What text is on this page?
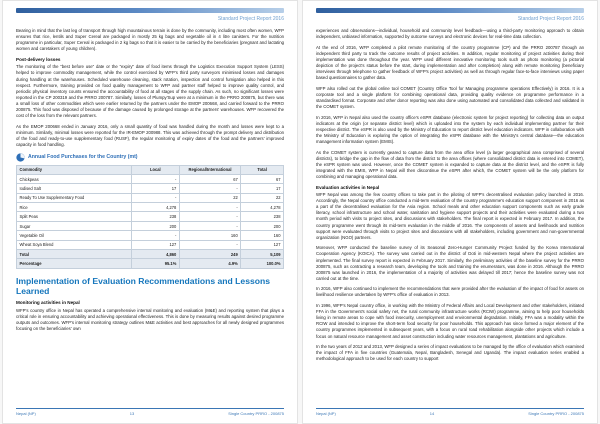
Standard Project Report 2016

Bearing in mind that the last leg of transport through high mountainous terrain is done by the community, including most often women, WFP ensures that rice, lentils and Super Cereal are packaged in mostly 25 kg bags and vegetable oil in 4 litre canisters. For the nutrition programme in particular, Super Cereal is packaged in 2 kg bags so that it is easier to be carried by the beneficiaries (pregnant and lactating women and caretakers of young children).

Post-delivery losses

The monitoring of the “best before use” date or the “expiry” date of food items through the Logistics Execution Support System (LESS) helped to improve commodity management, while the control exercised by WFP's third party surveyors minimised losses and damages during handling at the warehouses. Scheduled warehouse cleaning, stack rotation, inspection and control fumigation also helped in this respect. Furthermore, training provided on food quality management to WFP and partner staff helped to improve quality control, and periodic physical inventory counts ensured the accountability of food at all stages of the supply chain. As such, no significant losses were reported in the CP 200319 and the PRRO 200787. Similarly, losses of Plumpy'Sup were at a minimum in the PRRO 200875, but there was a small loss of other commodities which were earlier returned by the partners under the EMOP 200668, and carried forward to the PRRO 200875. This food was disposed of because of the damage caused by prolonged storage at the partners' warehouses. WFP recovered the cost of the loss from the relevant partners.

As the EMOP 200668 ended in January 2016, only a small quantity of food was handled during the month and losses were kept to a minimum. Similarly, minimal losses were reported for the IR-EMOP 200988. This was achieved through the prompt delivery and distribution of the food and ready-to-use supplementary food (RUSF), the regular monitoring of expiry dates of the food and the partners' improved capacity in food handling.

Annual Food Purchases for the Country (mt)
Commodity	Local	Regional/International	Total
Chickpeas	-	67	67
Iodised Salt	17	-	17
Ready To Use Supplementary Food	-	22	22
Rice	4,278	-	4,278
Split Peas	238	-	238
Sugar	200	-	200
Vegetable Oil	-	160	160
Wheat Soya Blend	127	-	127
Total	4,860	249	5,109
Percentage	95.1%	4.9%	100.0%
Implementation of Evaluation Recommendations and Lessons Learned
Monitoring activities in Nepal

WFP's country office in Nepal has operated a comprehensive internal monitoring and evaluation (M&E) and reporting system that plays a critical role in ensuring accountability and achieving operational effectiveness. This is done by measuring results against desired programme outputs and outcomes. WFP's internal monitoring strategy outlines M&E activities and best approaches for all newly designed programmes focusing on the beneficiaries' own

Nepal (NP)	13	Single Country PRRO - 200875
Standard Project Report 2016

experiences and observations—individual, household and community level feedback—using a third-party monitoring approach to obtain independent, unbiased information, supported by outcome surveys and electronic devices for real-time data collection.

At the end of 2016, WFP completed a pilot remote monitoring of the country programme (CP) and the PRRO 200787 through an independent third party to track the outcome results of project activities. In addition, regular monitoring of project activities during their implementation was done throughout the year. WFP used different innovative monitoring tools such as photo monitoring (a pictorial depiction of the project's status before the start, during implementation and after completion) along with remote monitoring (beneficiary interviews through telephone to gather feedback of WFP's project activities) as well as through regular face-to-face interviews using paper based questionnaires to gather data.

WFP also rolled out the global online tool COMET (Country Office Tool for Managing programme operations Effectively) in 2016. It is a corporate tool and a single platform for combining operational data, providing quality evidence on programme performance in a standardised format. Corporate and other donor reporting was also done using automated and consolidated data collected and validated in the COMET system.

In 2016, WFP in Nepal also used the country office's eSPR database (electronic system for project reporting) for collecting data on output indicators at the origin (or separate district level) which is uploaded into the system by each individual implementing partner for their respective district. The eSPR is also used by the Ministry of Education to report district level education indicators. WFP in collaboration with the Ministry of Education is exploring the option of integrating the eSPR database with the Ministry's central database—the education management information system (EMIS).

As the COMET system is currently geared to capture data from the area office level (a larger geographical area comprised of several districts), to bridge the gap in the flow of data from the district to the area offices (where consolidated district data is entered into COMET), the eSPR system was used. However, once the COMET system is expanded to capture data at the district level, and the eSPR is fully integrated with the EMIS, WFP in Nepal will then discontinue the eSPR after which, the COMET system will be the only platform for combining and managing operational data.

Evaluation activities in Nepal

WFP Nepal was among the few country offices to take part in the piloting of WFP's decentralised evaluation policy launched in 2016. Accordingly, the Nepal country office conducted a mid-term evaluation of the country programme's education support component in 2016 as a part of the decentralised evaluation for the Asia region. School meals and other education support components such as early grade literacy, school infrastructure and school water, sanitation and hygiene support projects and their activities were evaluated during a two month period with visits to project sites, and discussions with stakeholders. The final report is expected in February 2017. In addition, the country programme went through its mid-term evaluation in the middle of 2016. The components of assets and livelihoods and nutrition support were evaluated through visits to project sites and discussions with all stakeholders, including government and non-governmental organization (NGO) partners.

Moreover, WFP conducted the baseline survey of its Seasonal Zero-Hunger Community Project funded by the Korea International Cooperation Agency (KOICA). The survey was carried out in the district of Doti in mid-western Nepal where the project activities are implemented. The final survey report is expected in February 2017. Similarly, the preliminary activities of the baseline survey for the PRRO 200875, such as contracting a research team, developing the tools and training the enumerators, was done in 2016. Although the PRRO 200875 was launched in 2016, the implementation of a majority of activities was delayed till 2017; hence the baseline survey was not carried out at the time.

In 2016, WFP also continued to implement the recommendations that were provided after the evaluation of the impact of food for assets on livelihood resilience undertaken by WFP's office of evaluation in 2013.

In 1996, WFP's Nepal country office, in working with the Ministry of Federal Affairs and Local Development and other stakeholders, initiated FFA in the Government's social safety net, the rural community infrastructure works (RCIW) programme, aiming to help poor households living in remote areas to cope with food insecurity, unemployment and environmental degradation. Initially, FFA was a modality within the RCIW and intended to improve the short-term food security for poor households. This approach has since formed a major element of the country programmes implemented in subsequent years, with a focus on rural road rehabilitation alongside other projects which include a focus on natural resource management and asset construction including water resources management, plantations and agriculture.

In the two years of 2012 and 2013, WFP designed a series of impact evaluations to be managed by the office of evaluation which examined the impact of FFA in five countries (Guatemala, Nepal, Bangladesh, Senegal and Uganda). The impact evaluation series enabled a methodological approach to be used for each country to support

Nepal (NP)	14	Single Country PRRO - 200875
